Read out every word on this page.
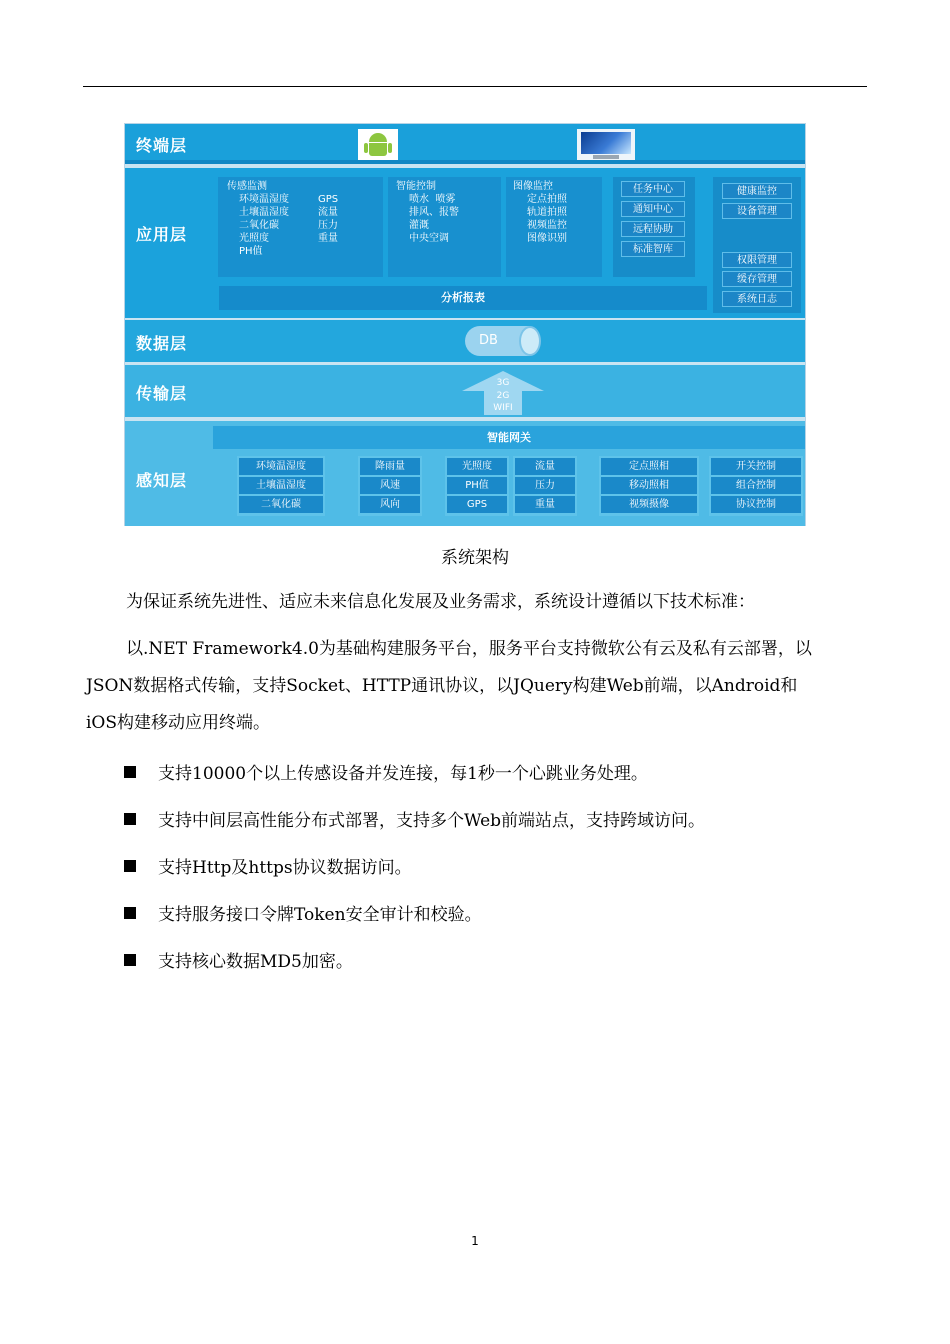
终端层
应用层
传感监测
环境温湿度
土壤温湿度
二氧化碳
光照度
PH值
GPS
流量
压力
重量
智能控制
喷水  喷雾
排风、报警
灌溉
中央空调
图像监控
定点拍照
轨道拍照
视频监控
图像识别
任务中心
通知中心
远程协助
标准智库
健康监控
设备管理
权限管理
缓存管理
系统日志
分析报表
数据层	DB
传输层
3G
2G
WIFI
感知层
智能网关
环境温湿度
土壤温湿度
二氧化碳
降雨量
风速
风向
光照度
PH值
GPS
流量
压力
重量
定点照相
移动照相
视频摄像
开关控制
组合控制
协议控制
系统架构
为保证系统先进性、适应未来信息化发展及业务需求，系统设计遵循以下技术标准：
以.NET Framework4.0为基础构建服务平台，服务平台支持微软公有云及私有云部署，以
JSON数据格式传输，支持Socket、HTTP通讯协议，以JQuery构建Web前端，以Android和
iOS构建移动应用终端。
支持10000个以上传感设备并发连接，每1秒一个心跳业务处理。
支持中间层高性能分布式部署，支持多个Web前端站点，支持跨域访问。
支持Http及https协议数据访问。
支持服务接口令牌Token安全审计和校验。
支持核心数据MD5加密。
1
